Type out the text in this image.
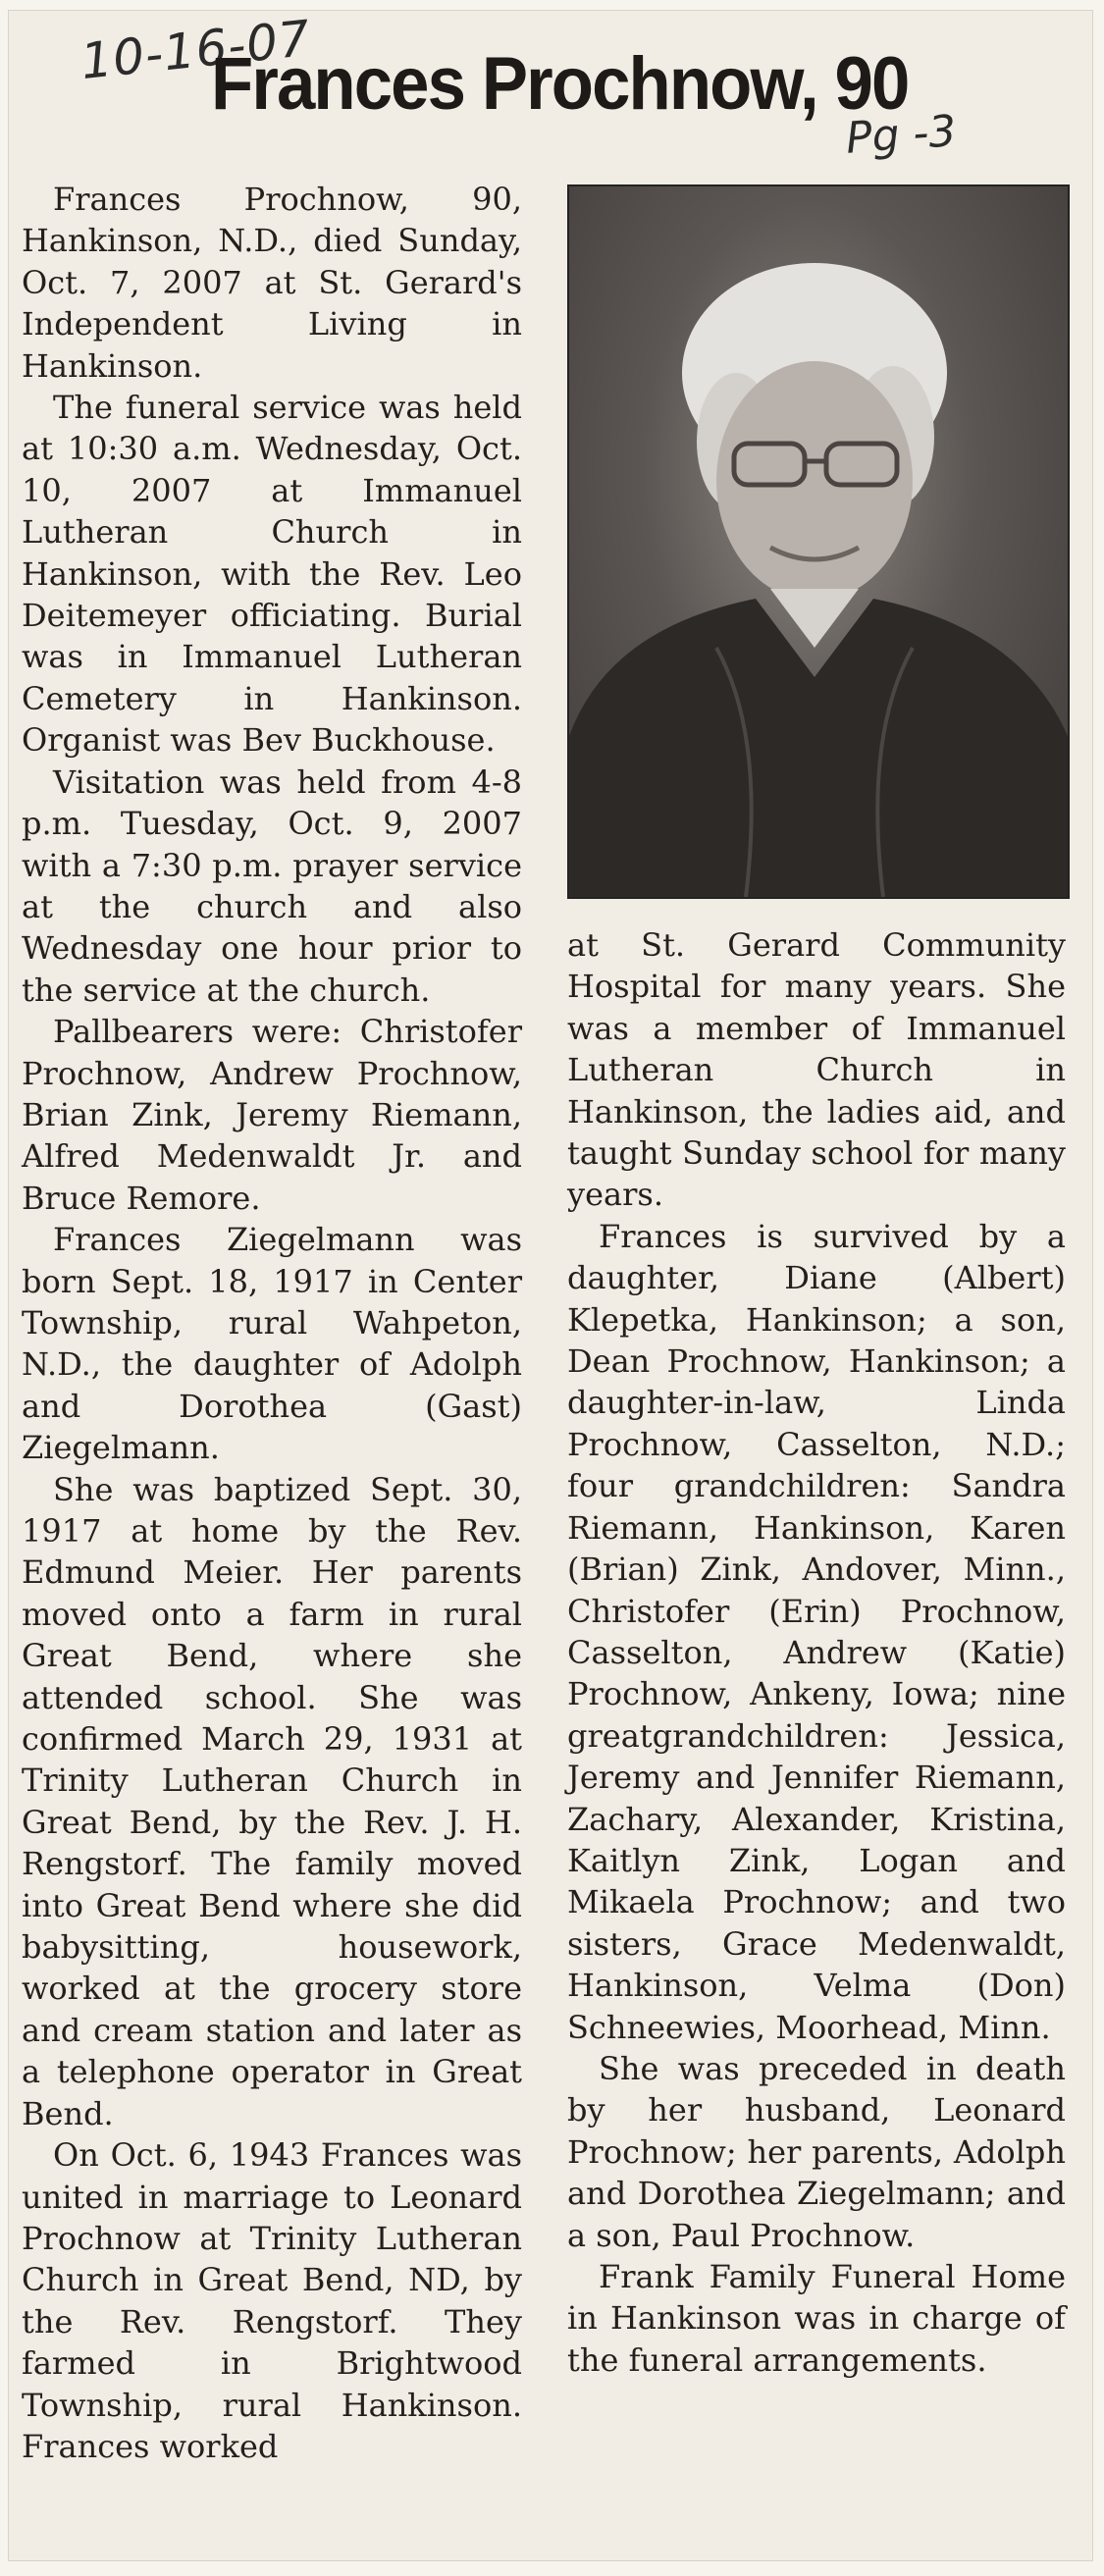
10-16-07
Frances Prochnow, 90
Pg -3

Frances Prochnow, 90, Hankinson, N.D., died Sunday, Oct. 7, 2007 at St. Gerard's Independent Living in Hankinson.

The funeral service was held at 10:30 a.m. Wednesday, Oct. 10, 2007 at Immanuel Lutheran Church in Hankinson, with the Rev. Leo Deitemeyer officiating. Burial was in Immanuel Lutheran Cemetery in Hankinson. Organist was Bev Buckhouse.

Visitation was held from 4-8 p.m. Tuesday, Oct. 9, 2007 with a 7:30 p.m. prayer service at the church and also Wednesday one hour prior to the service at the church.

Pallbearers were: Christofer Prochnow, Andrew Prochnow, Brian Zink, Jeremy Riemann, Alfred Medenwaldt Jr. and Bruce Remore.

Frances Ziegelmann was born Sept. 18, 1917 in Center Township, rural Wahpeton, N.D., the daughter of Adolph and Dorothea (Gast) Ziegelmann.

She was baptized Sept. 30, 1917 at home by the Rev. Edmund Meier. Her parents moved onto a farm in rural Great Bend, where she attended school. She was confirmed March 29, 1931 at Trinity Lutheran Church in Great Bend, by the Rev. J. H. Rengstorf. The family moved into Great Bend where she did babysitting, housework, worked at the grocery store and cream station and later as a telephone operator in Great Bend.

On Oct. 6, 1943 Frances was united in marriage to Leonard Prochnow at Trinity Lutheran Church in Great Bend, ND, by the Rev. Rengstorf. They farmed in Brightwood Township, rural Hankinson. Frances worked

at St. Gerard Community Hospital for many years. She was a member of Immanuel Lutheran Church in Hankinson, the ladies aid, and taught Sunday school for many years.

Frances is survived by a daughter, Diane (Albert) Klepetka, Hankinson; a son, Dean Prochnow, Hankinson; a daughter-in-law, Linda Prochnow, Casselton, N.D.; four grandchildren: Sandra Riemann, Hankinson, Karen (Brian) Zink, Andover, Minn., Christofer (Erin) Prochnow, Casselton, Andrew (Katie) Prochnow, Ankeny, Iowa; nine greatgrandchildren: Jessica, Jeremy and Jennifer Riemann, Zachary, Alexander, Kristina, Kaitlyn Zink, Logan and Mikaela Prochnow; and two sisters, Grace Medenwaldt, Hankinson, Velma (Don) Schneewies, Moorhead, Minn.

She was preceded in death by her husband, Leonard Prochnow; her parents, Adolph and Dorothea Ziegelmann; and a son, Paul Prochnow.

Frank Family Funeral Home in Hankinson was in charge of the funeral arrangements.
